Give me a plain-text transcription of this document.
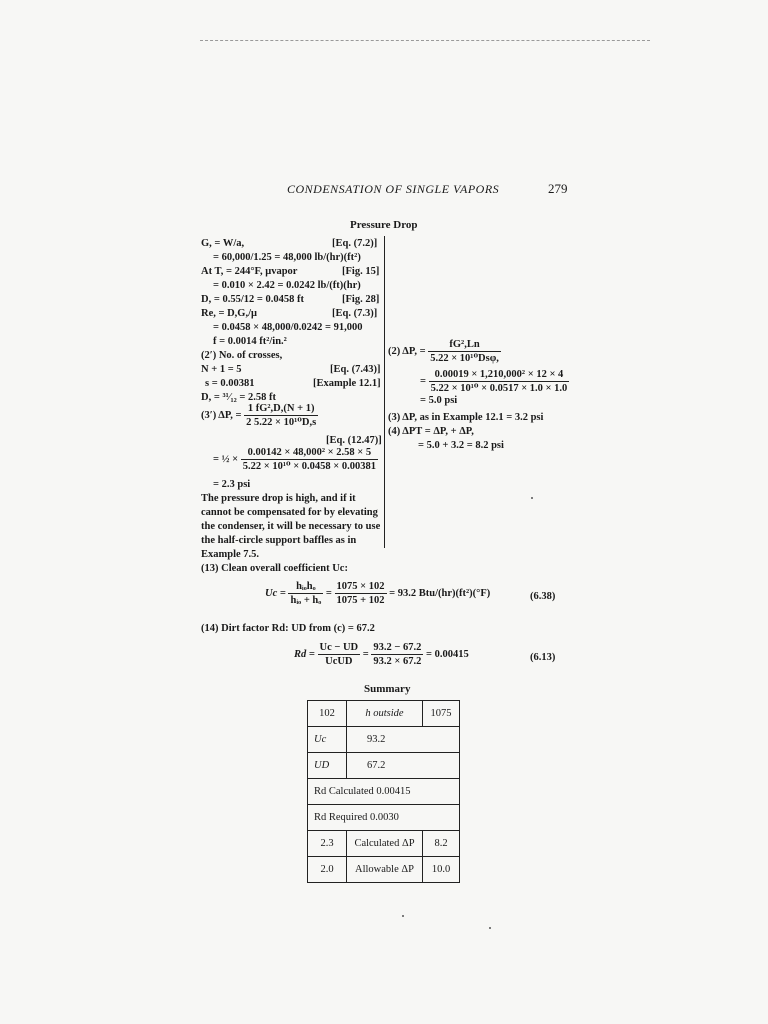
CONDENSATION OF SINGLE VAPORS	279
Pressure Drop
G, = W/a,	[Eq. (7.2)]
= 60,000/1.25 = 48,000 lb/(hr)(ft²)
At T, = 244°F, μvapor	[Fig. 15]
= 0.010 × 2.42 = 0.0242 lb/(ft)(hr)
D, = 0.55/12 = 0.0458 ft	[Fig. 28]
Re, = D,G,/μ	[Eq. (7.3)]
= 0.0458 × 48,000/0.0242 = 91,000
f = 0.0014 ft²/in.²
(2′) No. of crosses,
N + 1 = 5	[Eq. (7.43)]
s = 0.00381	[Example 12.1]
D, = ³¹⁄₁₂ = 2.58 ft
(3′) ΔP, = $\frac{\text{1 fG²,D,(N + 1)}}{\text{2 5.22 × 10¹⁰D,s}}$
[Eq. (12.47)]
= ½ × $\frac{\text{0.00142 × 48,000² × 2.58 × 5}}{\text{5.22 × 10¹⁰ × 0.0458 × 0.00381}}$
= 2.3 psi
The pressure drop is high, and if it cannot be compensated for by elevating the condenser, it will be necessary to use the half-circle support baffles as in Example 7.5.
(2) ΔP, = $\frac{\text{fG²,Ln}}{\text{5.22 × 10¹⁰Dsφ,}}$
= $\frac{\text{0.00019 × 1,210,000² × 12 × 4}}{\text{5.22 × 10¹⁰ × 0.0517 × 1.0 × 1.0}}$
= 5.0 psi
(3) ΔP, as in Example 12.1 = 3.2 psi
(4) ΔPT = ΔP, + ΔP,
= 5.0 + 3.2 = 8.2 psi
(13) Clean overall coefficient Uc:
$Uc = \frac{\text{hᵢₒhₒ}}{\text{hᵢₒ + hₒ}} = \frac{1075 \times 102}{1075 + 102} = 93.2$ Btu/(hr)(ft²)(°F)	(6.38)
(14) Dirt factor Rd: UD from (c) = 67.2
$Rd = \frac{Uc - UD}{\text{UcUD}} = \frac{93.2 - 67.2}{93.2 \times 67.2} = 0.00415$	(6.13)
Summary
102	h outside	1075
Uc	93.2	
UD	67.2	
Rd Calculated 0.00415		
Rd Required 0.0030		
2.3	Calculated ΔP	8.2
2.0	Allowable ΔP	10.0
